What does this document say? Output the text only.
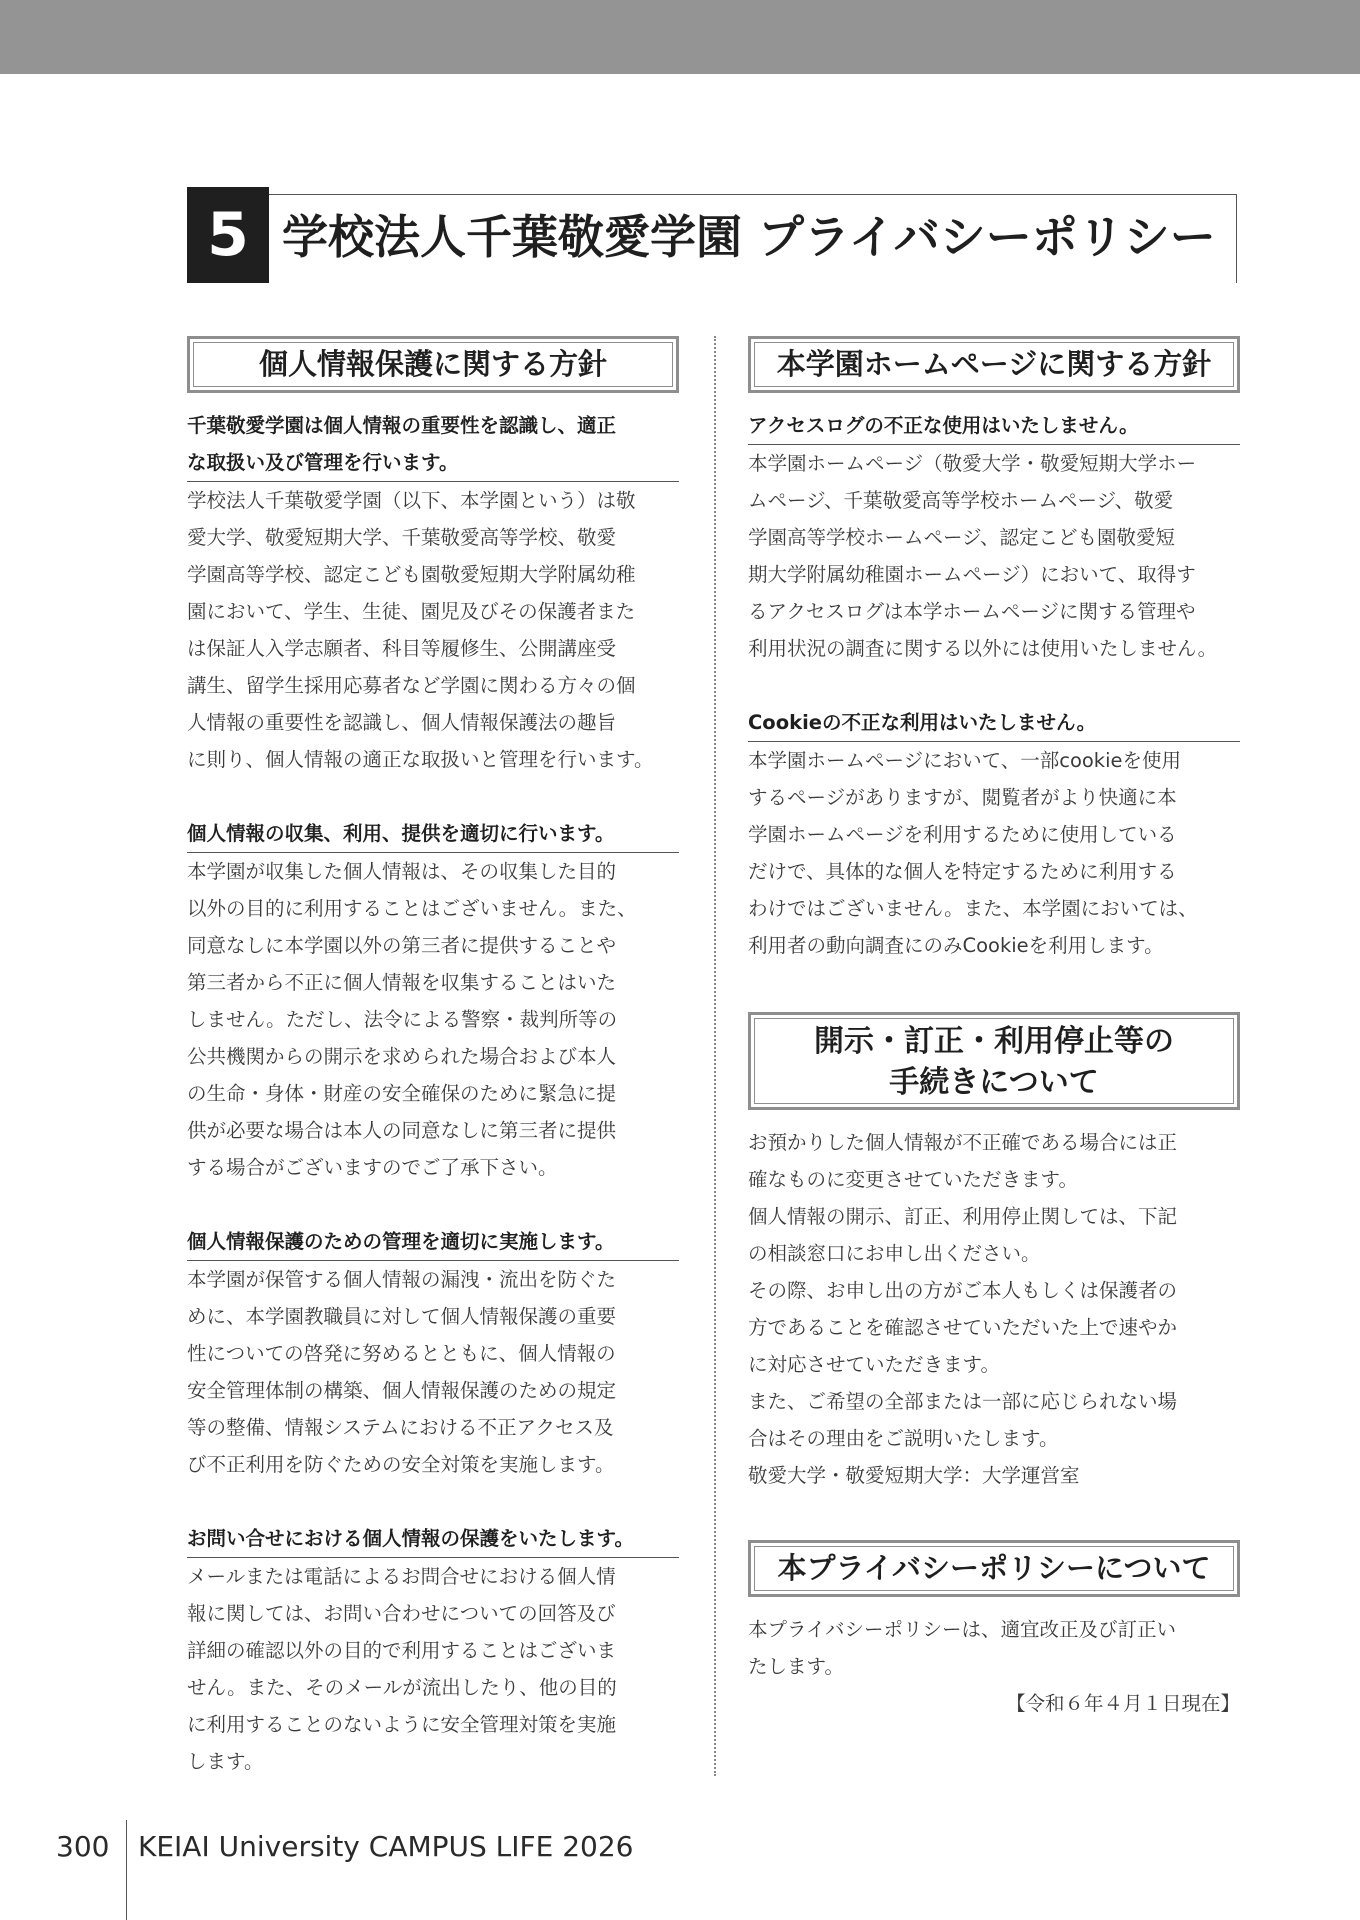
5 学校法人千葉敬愛学園 プライバシーポリシー
個人情報保護に関する方針
千葉敬愛学園は個人情報の重要性を認識し、適正
な取扱い及び管理を行います。
学校法人千葉敬愛学園（以下、本学園という）は敬
愛大学、敬愛短期大学、千葉敬愛高等学校、敬愛
学園高等学校、認定こども園敬愛短期大学附属幼稚
園において、学生、生徒、園児及びその保護者また
は保証人入学志願者、科目等履修生、公開講座受
講生、留学生採用応募者など学園に関わる方々の個
人情報の重要性を認識し、個人情報保護法の趣旨
に則り、個人情報の適正な取扱いと管理を行います。
個人情報の収集、利用、提供を適切に行います。
本学園が収集した個人情報は、その収集した目的
以外の目的に利用することはございません。また、
同意なしに本学園以外の第三者に提供することや
第三者から不正に個人情報を収集することはいた
しません。ただし、法令による警察・裁判所等の
公共機関からの開示を求められた場合および本人
の生命・身体・財産の安全確保のために緊急に提
供が必要な場合は本人の同意なしに第三者に提供
する場合がございますのでご了承下さい。
個人情報保護のための管理を適切に実施します。
本学園が保管する個人情報の漏洩・流出を防ぐた
めに、本学園教職員に対して個人情報保護の重要
性についての啓発に努めるとともに、個人情報の
安全管理体制の構築、個人情報保護のための規定
等の整備、情報システムにおける不正アクセス及
び不正利用を防ぐための安全対策を実施します。
お問い合せにおける個人情報の保護をいたします。
メールまたは電話によるお問合せにおける個人情
報に関しては、お問い合わせについての回答及び
詳細の確認以外の目的で利用することはございま
せん。また、そのメールが流出したり、他の目的
に利用することのないように安全管理対策を実施
します。
本学園ホームページに関する方針
アクセスログの不正な使用はいたしません。
本学園ホームページ（敬愛大学・敬愛短期大学ホー
ムページ、千葉敬愛高等学校ホームページ、敬愛
学園高等学校ホームページ、認定こども園敬愛短
期大学附属幼稚園ホームページ）において、取得す
るアクセスログは本学ホームページに関する管理や
利用状況の調査に関する以外には使用いたしません。
Cookieの不正な利用はいたしません。
本学園ホームページにおいて、一部cookieを使用
するページがありますが、閲覧者がより快適に本
学園ホームページを利用するために使用している
だけで、具体的な個人を特定するために利用する
わけではございません。また、本学園においては、
利用者の動向調査にのみCookieを利用します。
開示・訂正・利用停止等の
手続きについて
お預かりした個人情報が不正確である場合には正
確なものに変更させていただきます。
個人情報の開示、訂正、利用停止関しては、下記
の相談窓口にお申し出ください。
その際、お申し出の方がご本人もしくは保護者の
方であることを確認させていただいた上で速やか
に対応させていただきます。
また、ご希望の全部または一部に応じられない場
合はその理由をご説明いたします。
敬愛大学・敬愛短期大学：大学運営室
本プライバシーポリシーについて
本プライバシーポリシーは、適宜改正及び訂正い
たします。
【令和６年４月１日現在】
300 KEIAI University CAMPUS LIFE 2026
